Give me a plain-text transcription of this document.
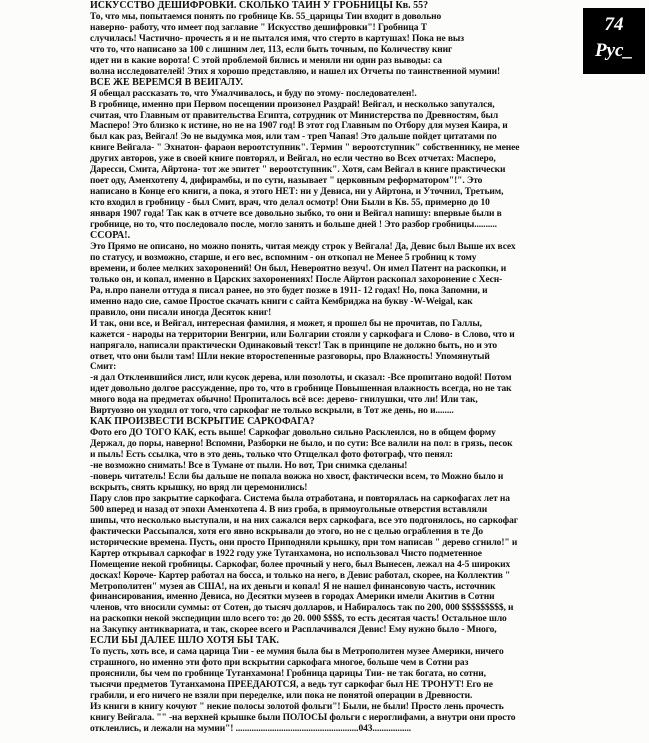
74
Рус_
ИСКУССТВО ДЕШИФРОВКИ. СКОЛЬКО ТАЙН У ГРОБНИЦЫ Кв. 55?
То, что мы, попытаемся понять по гробнице Кв. 55_царицы Тии входит в довольно
наверно- работу, что имеет под заглавие " Искусство дешифровки"! Гробница Т
случилась! Частично- прочесть я и не пытался имя, что стерто в картушах! Пока не выз
что то, что написано за 100 с лишним лет, 113, если быть точным, по Количеству книг
идет ни в какие ворота! С этой проблемой бились и меняли ни один раз выводы: са
волна исследователей! Этих я хорошо представляю, и нашел их Отчеты по таинственной мумии!
ВСЕ ЖЕ ВЕРЕМСЯ В ВЕЙГАЛУ.
Я обещал рассказать то, что Умалчивалось, и буду по этому- последователен!.
В гробнице, именно при Первом посещении произонел Раздрай! Вейгал, и несколько запутался,
считая, что Главным от правительства Египта, сотрудник от Министерства по Древностям, был
Масперо! Это близко к истине, но не на 1907 год! В этот год Главным по Отбору для музея Каира, и
был как раз, Вейгал! Эо не выдумка моя, или там - треп Чапая! Это дальше пойдет цитатами по
книге Вейгала- " Эхнатон- фараон вероотступник". Термин " вероотступник" собственнику, не менее
других авторов, уже в своей книге повторял, и Вейгал, но если честно во Всех отчетах: Масперо,
Даресси, Смита, Айртона- тот же эпитет " вероотступник". Хотя, сам Вейгал в книге практически
поет оду, Аменхотепу 4, дифирамбы, и по сути, называет " церковным реформатором"!". Это
написано в Конце его книги, а пока, я этого НЕТ: ни у Девиса, ни у Айртона, и Уточнил, Третьим,
кто входил в гробницу - был Смит, врач, что делал осмотр! Они Были в Кв. 55, примерно до 10
января 1907 года! Так как в отчете все довольно зыбко, то они и Вейгал напишу: впервые были в
гробнице, но то, что последовало после, могло занять и больше дней ! Это разбор гробницы..........
ССОРА!.
Это Прямо не описано, но можно понять, читая между строк у Вейгала! Да, Девис был Выше их всех
по статусу, и возможно, старше, и его вес, вспомним - он откопал не Менее 5 гробниц к тому
времени, и более мелких захоронений! Он был, Невероятно везуч!. Он имел Патент на раскопки, и
только он, и копал, именно в Царских захоронениях! После Айртон раскопал захоронение с Хесн-
Ра, н.про панели оттуда я писал ранее, но это будет позже в 1911- 12 годах! Но, пока Запомни, и
именно надо сие, самое Простое скачать книги с сайта Кембриджа на букву -W-Weigal, как
правило, они писали иногда Десяток книг!
И так, они все, и Вейгал, интересная фамилия, я может, я прошел бы не прочитав, по Галлы,
кажется - народы на территории Венгрии, или Болгарии стояли у саркофага и Слово- в Слово, что и
напрягало, написали практически Одинаковый текст! Так в принципе не должно быть, но и это
ответ, что они были там! Шли некие второстепенные разговоры, про Влажность! Упомянутый
Смит:
-я дал Отклеившийся лист, или кусок дерева, или позолоты, и сказал: -Все пропитано водой! Потом
идет довольно долгое рассуждение, про то, что в гробнице Повышенная влажность всегда, но не так
много вода на предметах обычно! Пропиталось всё все: дерево- гнилушки, что ли! Или так,
Виртуозно он уходил от того, что саркофаг не только вскрыли, в Тот же день, но и........
КАК ПРОИЗВЕСТИ ВСКРЫТИЕ САРКОФАГА?
Фото его ДО ТОГО КАК, есть выше! Саркофаг довольно сильно Расклеился, но в общем форму
Держал, до поры, наверно! Вспомни, Разборки не было, и по сути: Все валили на пол: в грязь, песок
и пыль! Есть ссылка, что в это день, только что Отщелкал фото фотограф, что пенял:
-не возможно снимать! Все в Тумане от пыли. Но вот, Три снимка сделаны!
-поверь читатель! Если бы дальше не попала вожжа но хвост, фактически всем, то Можно было и
вскрыть, снять крышку, но вряд ли церемонились!
Пару слов про закрытие саркофага. Система была отработана, и повторялась на саркофагах лет на
500 вперед и назад от эпохи Аменхотепа 4. В низ гроба, в прямоугольные отверстия вставляли
шипы, что несколько выступали, и на них сажался верх саркофага, все это подгонялось, но саркофаг
фактически Рассыпался, хотя его явно вскрывали до этого, но не с целью ограбления в те До
исторические времена. Пусть, они просто Приподняли крышку, при том написав " дерево сгнило!" и
Картер открывал саркофаг в 1922 году уже Тутанхамона, но использовал Чисто подметенное
Помещение некой гробницы. Саркофаг, более прочный у него, был Вынесен, лежал на 4-5 широких
досках! Короче- Картер работал на босса, и только на него, в Девис работал, скорее, на Коллектив "
Метрополитен" музея ав США!, на их деньги и копал! Я не нашел финансовую часть, источник
финансирования, именно Девиса, но Десятки музеев в городах Америки имели Акитив в Сотни
членов, что вносили суммы: от Сотен, до тысяч долларов, и Набиралось так по 200, 000 $$$$$$$$$, и
на раскопки некой экспедиции шло всего то: до 20. 000 $$$$, то есть десятая часть! Остальное шло
на Закупку антиквариата, и так, скорее всего и Расплачивался Девис! Ему нужно было - Много,
ЕСЛИ БЫ ДАЛЕЕ ШЛО ХОТЯ БЫ ТАК.
То пусть, хоть все, и сама царица Тии - ее мумия была бы в Метрополитен музее Америки, ничего
страшного, но именно эти фото при вскрытии саркофага многое, больше чем в Сотни раз
прояснили, бы чем по гробнице Тутанхамона! Гробница царицы Тии- не так богата, но сотни,
тысячи предметов Тутанхамона ПРЕЕДАЮТСЯ, а ведь тут саркофаг был НЕ ТРОНУТ! Его не
грабили, и его ничего не взяли при переделке, или пока не понятой операции в Древности.
Из книги в книгу кочуют " некие полосы золотой фольги"! Были, не были! Просто лень прочесть
книгу Вейгала. "" -на верхней крышке были ПОЛОСЫ фольги с иероглифами, а внутри они просто
отклеились, и лежали на мумии"! ......................................................043.................
